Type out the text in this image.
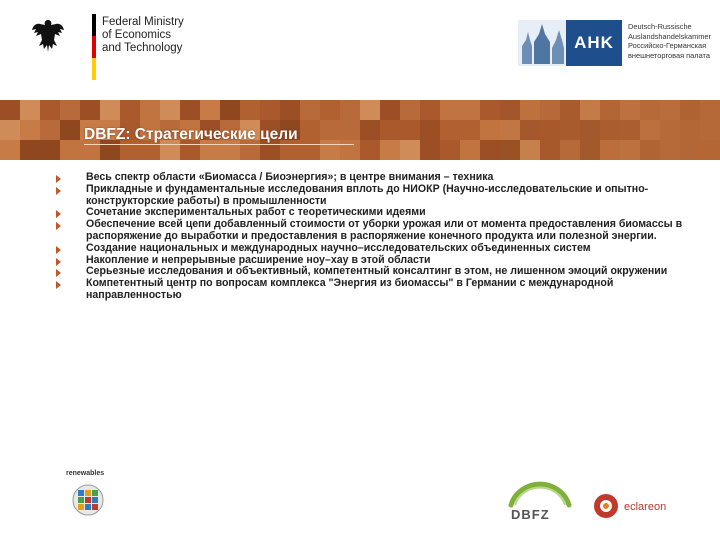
Federal Ministry
of Economics
and Technology	AHK
Deutsch-Russische
Auslandshandelskammer
Российско-Германская
внешнеторговая палата
DBFZ: Стратегические цели
Весь спектр области «Биомасса / Биоэнергия»; в центре внимания – техника
Прикладные и фундаментальные исследования вплоть до НИОКР (Научно-исследовательские и опытно-конструкторские работы) в промышленности
Сочетание экспериментальных работ с теоретическими идеями
Обеспечение всей цепи добавленный стоимости от уборки урожая или от момента предоставления биомассы в распоряжение до выработки и предоставления в распоряжение конечного продукта или полезной энергии.
Создание национальных и международных научно–исследовательских объединенных систем
Накопление и непрерывные расширение ноу–хау в этой области
Серьезные исследования и объективный, компетентный консалтинг в этом, не лишенном эмоций окружении
Компетентный центр по вопросам комплекса "Энергия из биомассы" в Германии с международной направленностью
renewables
DBFZ	eclareon
